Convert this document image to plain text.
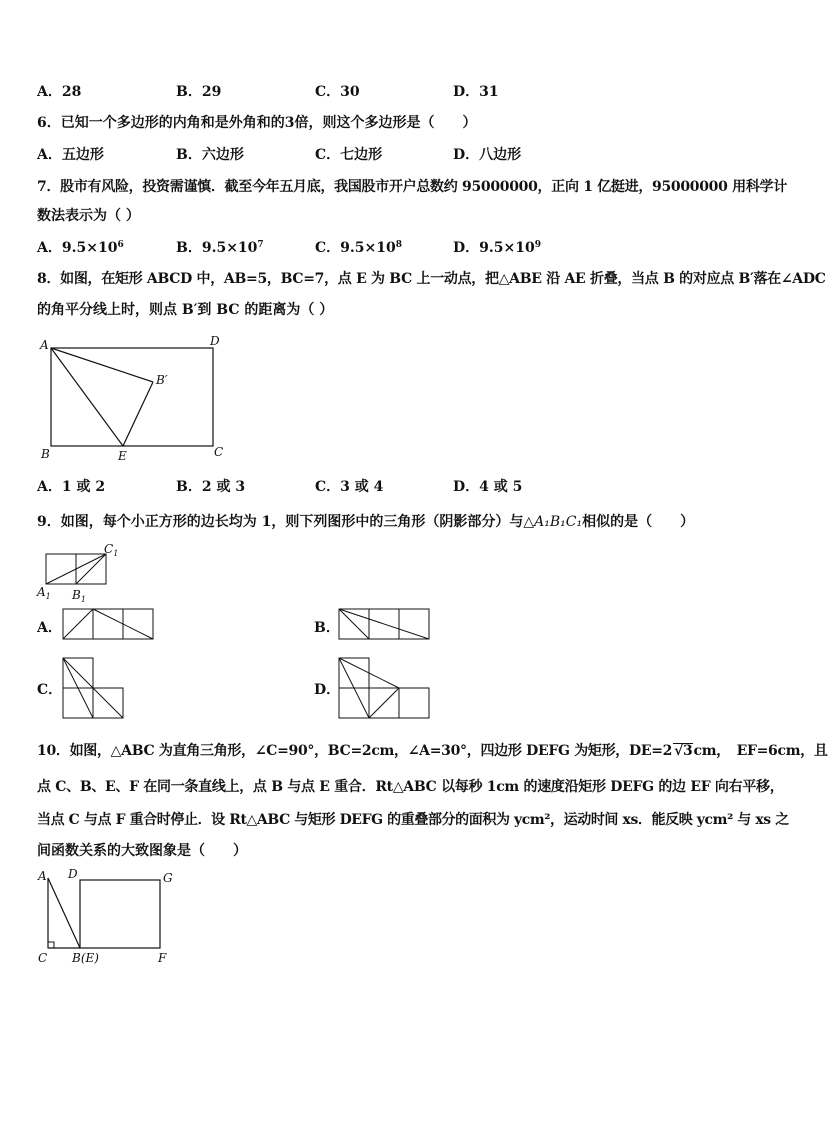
A．28	B．29	C．30	D．31
6．已知一个多边形的内角和是外角和的3倍，则这个多边形是（　　）
A．五边形	B．六边形	C．七边形	D．八边形
7．股市有风险，投资需谨慎．截至今年五月底，我国股市开户总数约 95000000，正向 1 亿挺进，95000000 用科学计
数法表示为（ ）
A．$9.5\times 10^6$	B．$9.5\times 10^7$	C．$9.5\times 10^8$	D．$9.5\times 10^9$
8．如图，在矩形 ABCD 中，AB=5，BC=7，点 E 为 BC 上一动点，把△ABE 沿 AE 折叠，当点 B 的对应点 B′落在∠ADC
的角平分线上时，则点 B′到 BC 的距离为（ ）
A	D
B′
B	E	C
A．1 或 2	B．2 或 3	C．3 或 4	D．4 或 5
9．如图，每个小正方形的边长均为 1，则下列图形中的三角形（阴影部分）与△A₁B₁C₁相似的是（　　）
$A_1$ $B_1$
$C_1$
A．	B．
C．	D．
10．如图，△ABC 为直角三角形，∠C=90°，BC=2cm，∠A=30°，四边形 DEFG 为矩形，DE=2 √3cm，　EF=6cm，且
点 C、B、E、F 在同一条直线上，点 B 与点 E 重合．Rt△ABC 以每秒 1cm 的速度沿矩形 DEFG 的边 EF 向右平移，
当点 C 与点 F 重合时停止．设 Rt△ABC 与矩形 DEFG 的重叠部分的面积为 ycm²，运动时间 xs．能反映 ycm² 与 xs 之
间函数关系的大致图象是（　　）
A D	G
C B(E)	F
